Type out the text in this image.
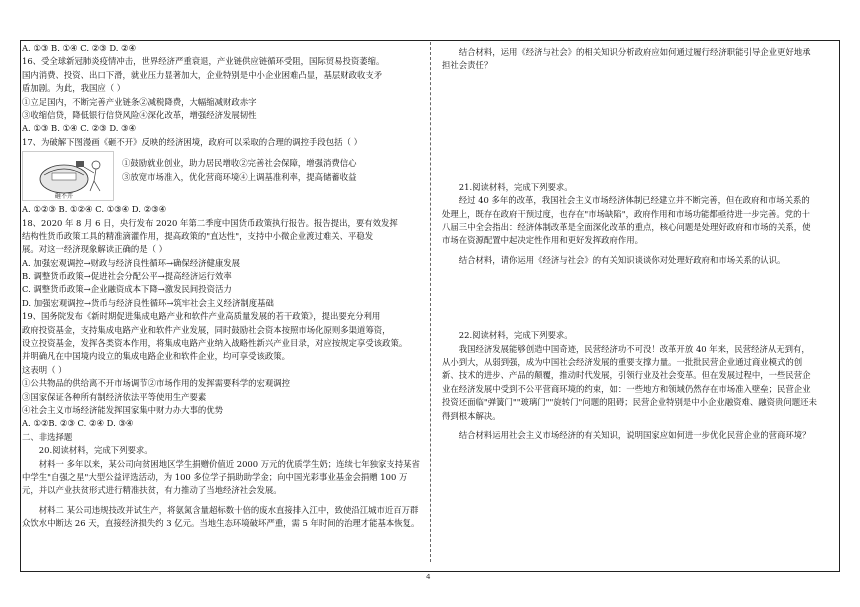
A. ①③ B. ①④ C. ②③ D. ②④
16、受全球新冠肺炎疫情冲击，世界经济严重衰退，产业链供应链循环受阻，国际贸易投资萎缩。
国内消费、投资、出口下滑，就业压力显著加大，企业特别是中小企业困难凸显，基层财政收支矛
盾加剧。为此，我国应（ ）
①立足国内，不断完善产业链条②减税降费，大幅缩减财政赤字
③收缩信贷，降低银行信贷风险④深化改革，增强经济发展韧性
A. ①③ B. ①④ C. ②③ D. ③④
17、为破解下图漫画《砸不开》反映的经济困境，政府可以采取的合理的调控手段包括（ ）
砸不开
①鼓励就业创业，助力居民增收②完善社会保障，增强消费信心
③放宽市场准入，优化营商环境④上调基准利率，提高储蓄收益
A. ①②③ B. ①②④ C. ①③④ D. ②③④
18、2020 年 8 月 6 日，央行发布 2020 年第二季度中国货币政策执行报告。报告提出，要有效发挥
结构性货币政策工具的精准滴灌作用，提高政策的"直达性"，支持中小微企业渡过难关、平稳发
展。对这一经济现象解读正确的是（ ）
A. 加强宏观调控→财政与经济良性循环→确保经济健康发展
B. 调整货币政策→促进社会分配公平→提高经济运行效率
C. 调整货币政策→企业融资成本下降→激发民间投资活力
D. 加强宏观调控→货币与经济良性循环→筑牢社会主义经济制度基础
19、国务院发布《新时期促进集成电路产业和软件产业高质量发展的若干政策》，提出要充分利用
政府投资基金，支持集成电路产业和软件产业发展，同时鼓励社会资本按照市场化原则多渠道筹资，
设立投资基金，发挥各类资本作用，将集成电路产业纳入战略性新兴产业目录，对应按规定享受该政策。
并明确凡在中国境内设立的集成电路企业和软件企业，均可享受该政策。
这表明（ ）
①公共物品的供给离不开市场调节②市场作用的发挥需要科学的宏观调控
③国家保证各种所有制经济依法平等使用生产要素
④社会主义市场经济能发挥国家集中财力办大事的优势
A. ①②B. ②③ C. ②④ D. ③④
二、非选择题
20.阅读材料，完成下列要求。
材料一 多年以来，某公司向贫困地区学生捐赠价值近 2000 万元的优质学生奶；连续七年独家支持某省中学生"自强之星"大型公益评选活动，为 100 多位学子捐助助学金；向中国光彩事业基金会捐赠 100 万元，并以产业扶贫形式进行精准扶贫，有力推动了当地经济社会发展。
材料二 某公司违规技改并试生产，将氨氮含量超标数十倍的废水直接排入江中，致使沿江城市近百万群众饮水中断达 26 天，直接经济损失约 3 亿元。当地生态环境破坏严重，需 5 年时间的治理才能基本恢复。
结合材料，运用《经济与社会》的相关知识分析政府应如何通过履行经济职能引导企业更好地承担社会责任？
21.阅读材料，完成下列要求。
经过 40 多年的改革，我国社会主义市场经济体制已经建立并不断完善，但在政府和市场关系的处理上，既存在政府干预过度，也存在"市场缺陷"，政府作用和市场功能都亟待进一步完善。党的十八届三中全会指出：经济体制改革是全面深化改革的重点，核心问题是处理好政府和市场的关系，使市场在资源配置中起决定性作用和更好发挥政府作用。
结合材料，请你运用《经济与社会》的有关知识谈谈你对处理好政府和市场关系的认识。
22.阅读材料，完成下列要求。
我国经济发展能够创造中国奇迹，民营经济功不可没！改革开放 40 年来，民营经济从无到有，从小到大，从弱到强，成为中国社会经济发展的重要支撑力量。一批批民营企业通过商业模式的创新、技术的进步、产品的颠覆，推动时代发展，引领行业及社会变革。但在发展过程中，一些民营企业在经济发展中受到不公平营商环境的约束，如：一些地方和领域仍然存在市场准入壁垒；民营企业投资还面临"弹簧门""玻璃门""旋转门"问题的阻碍；民营企业特别是中小企业融资难、融资贵问题还未得到根本解决。
结合材料运用社会主义市场经济的有关知识，说明国家应如何进一步优化民营企业的营商环境？
4
